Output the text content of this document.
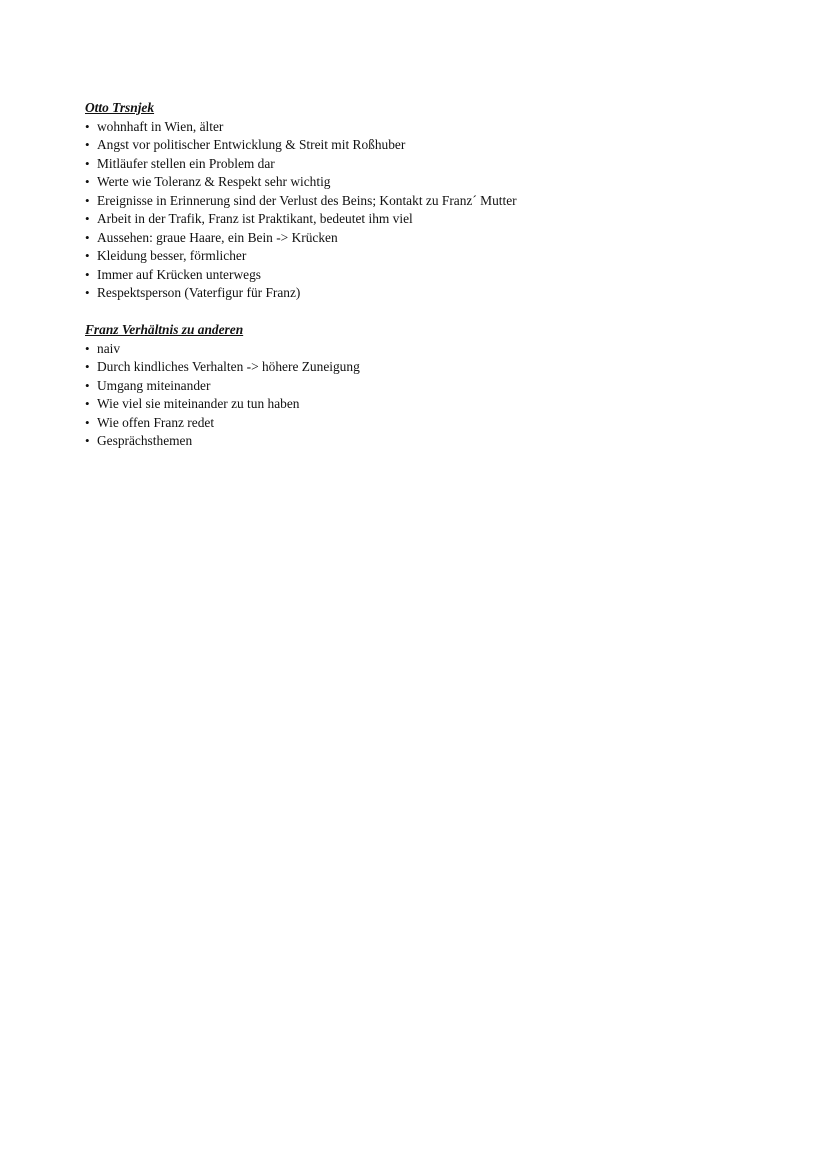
Otto Trsnjek
• wohnhaft in Wien, älter
• Angst vor politischer Entwicklung & Streit mit Roßhuber
• Mitläufer stellen ein Problem dar
• Werte wie Toleranz & Respekt sehr wichtig
• Ereignisse in Erinnerung sind der Verlust des Beins; Kontakt zu Franz´ Mutter
• Arbeit in der Trafik, Franz ist Praktikant, bedeutet ihm viel
• Aussehen: graue Haare, ein Bein -> Krücken
• Kleidung besser, förmlicher
• Immer auf Krücken unterwegs
• Respektsperson (Vaterfigur für Franz)
Franz Verhältnis zu anderen
• naiv
• Durch kindliches Verhalten -> höhere Zuneigung
• Umgang miteinander
• Wie viel sie miteinander zu tun haben
• Wie offen Franz redet
• Gesprächsthemen
